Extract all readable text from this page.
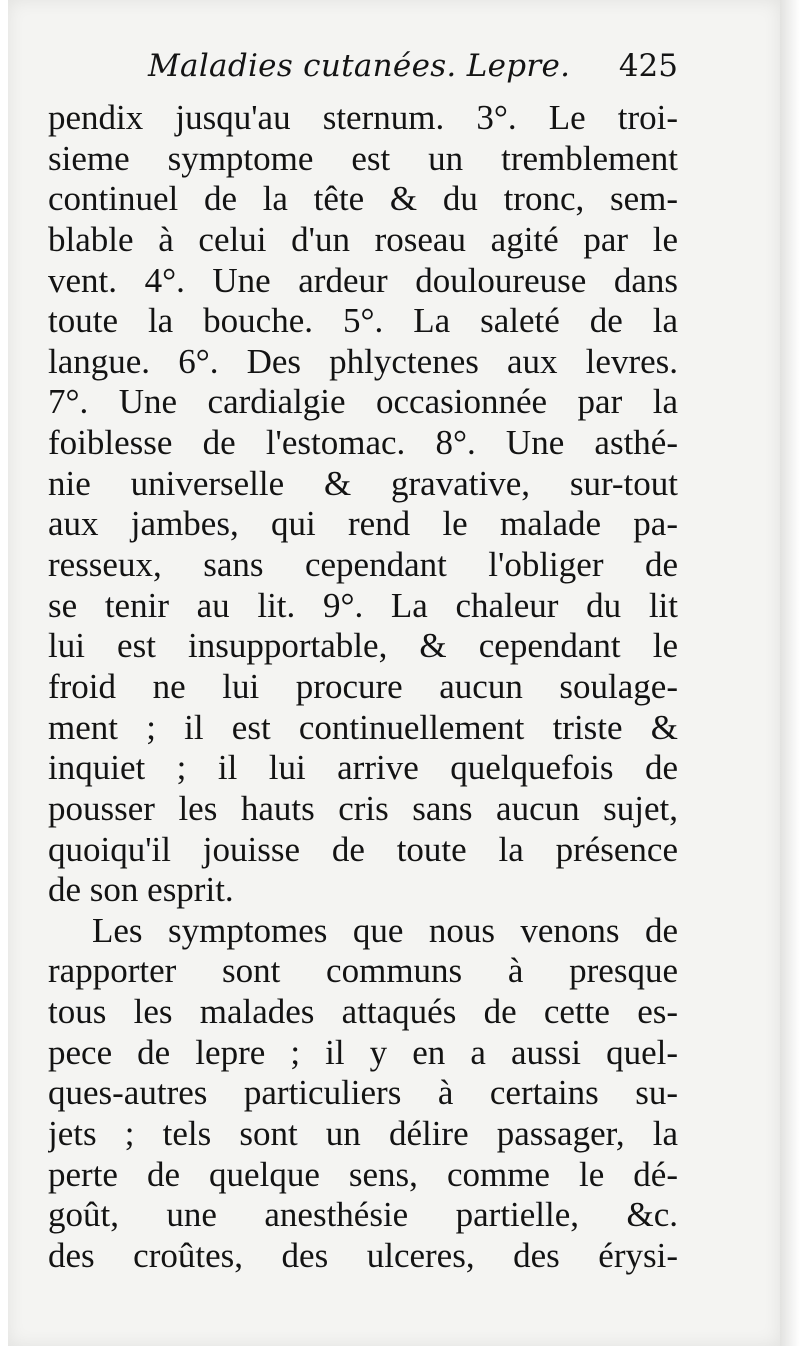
Maladies cutanées. Lepre. 425
pendix jusqu'au sternum. 3°. Le troi-
sieme symptome est un tremblement
continuel de la tête & du tronc, sem-
blable à celui d'un roseau agité par le
vent. 4°. Une ardeur douloureuse dans
toute la bouche. 5°. La saleté de la
langue. 6°. Des phlyctenes aux levres.
7°. Une cardialgie occasionnée par la
foiblesse de l'estomac. 8°. Une asthé-
nie universelle & gravative, sur-tout
aux jambes, qui rend le malade pa-
resseux, sans cependant l'obliger de
se tenir au lit. 9°. La chaleur du lit
lui est insupportable, & cependant le
froid ne lui procure aucun soulage-
ment ; il est continuellement triste &
inquiet ; il lui arrive quelquefois de
pousser les hauts cris sans aucun sujet,
quoiqu'il jouisse de toute la présence
de son esprit.
Les symptomes que nous venons de
rapporter sont communs à presque
tous les malades attaqués de cette es-
pece de lepre ; il y en a aussi quel-
ques-autres particuliers à certains su-
jets ; tels sont un délire passager, la
perte de quelque sens, comme le dé-
goût, une anesthésie partielle, &c.
des croûtes, des ulceres, des érysi-
